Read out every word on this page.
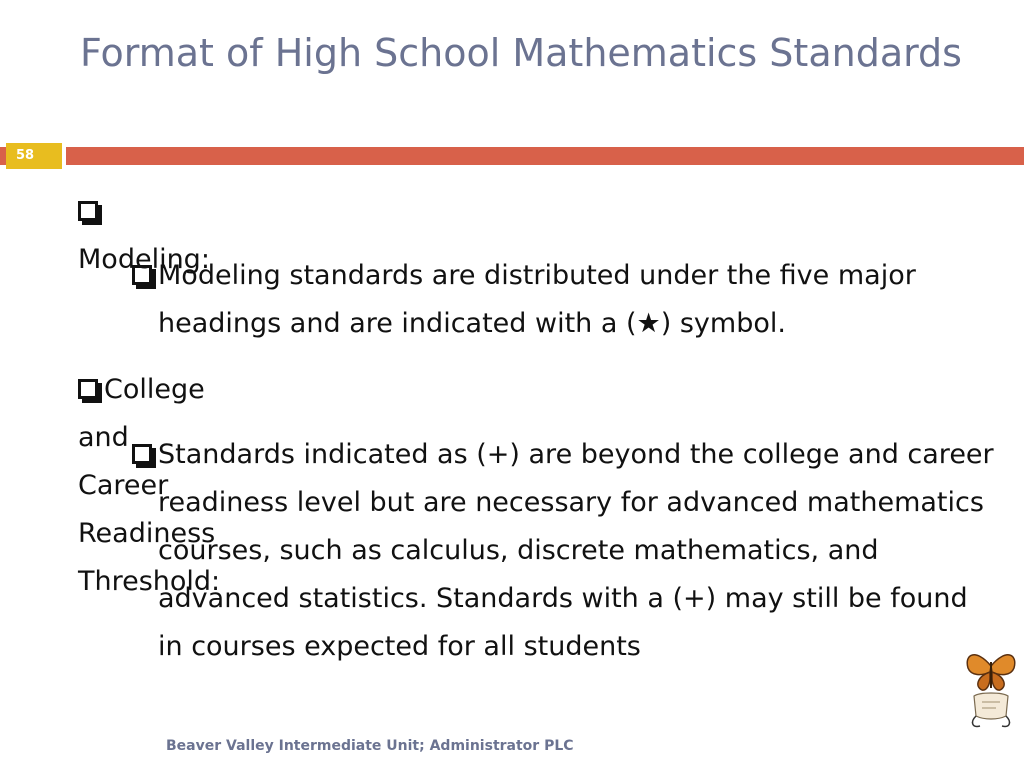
Format of High School Mathematics Standards
58

Modeling:

Modeling standards are distributed under the five major headings and are indicated with a (★) symbol.

College and Career Readiness Threshold:

Standards indicated as (+) are beyond the college and career readiness level but are necessary for advanced mathematics courses, such as calculus, discrete mathematics, and advanced statistics. Standards with a (+) may still be found in courses expected for all students

Beaver Valley Intermediate Unit; Administrator PLC
